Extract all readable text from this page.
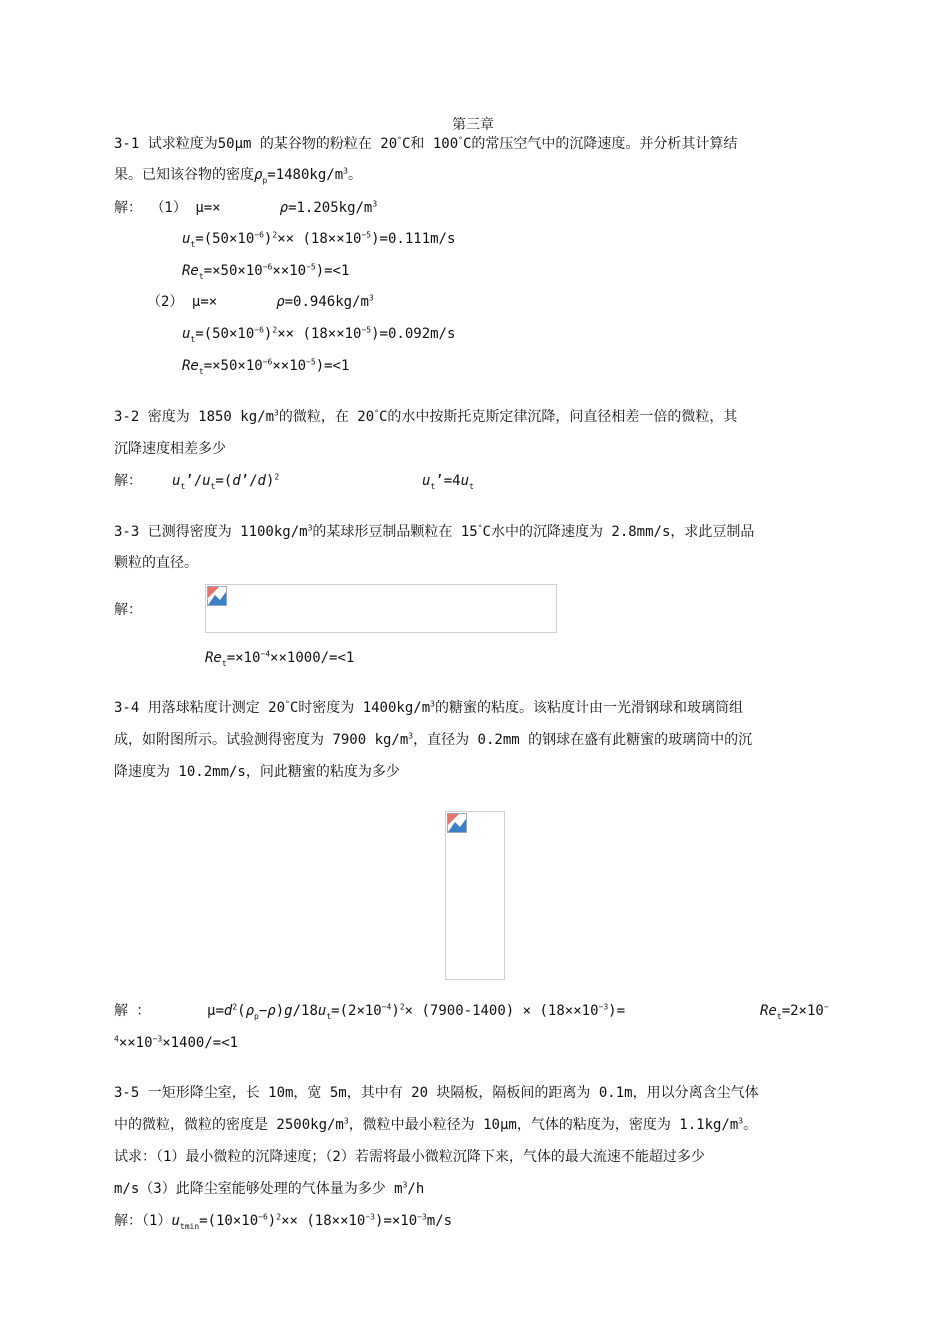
第三章
3-1 试求粒度为50μm 的某谷物的粉粒在 20°C和 100°C的常压空气中的沉降速度。并分析其计算结
果。已知该谷物的密度$\rho_p=1480kg/m^3$。
解： （1） μ=×	$\rho=1.205kg/m^3$
$u_t=(50\times 10^{-6})^2\times\times (18\times\times 10^{-5})=0.111m/s$
$Re_t=\times 50\times 10^{-6}\times\times 10^{-5})=<1$
（2） μ=×	$\rho=0.946kg/m^3$
$u_t=(50\times 10^{-6})^2\times\times (18\times\times 10^{-5})=0.092m/s$
$Re_t=\times 50\times 10^{-6}\times\times 10^{-5})=<1$
3-2 密度为 1850 $kg/m^3$的微粒，在 20°C的水中按斯托克斯定律沉降，问直径相差一倍的微粒，其
沉降速度相差多少
解： $u_t’/u_t=(d’/d)^2$	$u_t’=4u_t$
3-3 已测得密度为 $1100kg/m^3$的某球形豆制品颗粒在 15°C水中的沉降速度为 2.8mm/s，求此豆制品
颗粒的直径。
解：
$Re_t=\times 10^{-4}\times\times 1000/=<1$
3-4 用落球粘度计测定 20°C时密度为 $1400kg/m^3$的糖蜜的粘度。该粘度计由一光滑钢球和玻璃筒组
成，如附图所示。试验测得密度为 7900 $kg/m^3$，直径为 0.2mm 的钢球在盛有此糖蜜的玻璃筒中的沉
降速度为 10.2mm/s，问此糖蜜的粘度为多少
解 ：	$\mu=d^2(\rho_p-\rho)g/18u_t=(2\times 10^{-4})^2\times (7900-1400) \times (18\times\times 10^{-3})=$	$Re_t=2\times 10^-$
$^4\times\times 10^{-3}\times 1400/=<1$
3-5 一矩形降尘室，长 10m，宽 5m，其中有 20 块隔板，隔板间的距离为 0.1m，用以分离含尘气体
中的微粒，微粒的密度是 $2500kg/m^3$，微粒中最小粒径为 10μm，气体的粘度为，密度为 $1.1kg/m^3$。
试求：（1）最小微粒的沉降速度；（2）若需将最小微粒沉降下来，气体的最大流速不能超过多少
m/s（3）此降尘室能够处理的气体量为多少 $m^3/h$
解：$(1)u_{tmin}=(10\times 10^{-6})^2\times\times (18\times\times 10^{-3})=\times 10^{-3}m/s$
